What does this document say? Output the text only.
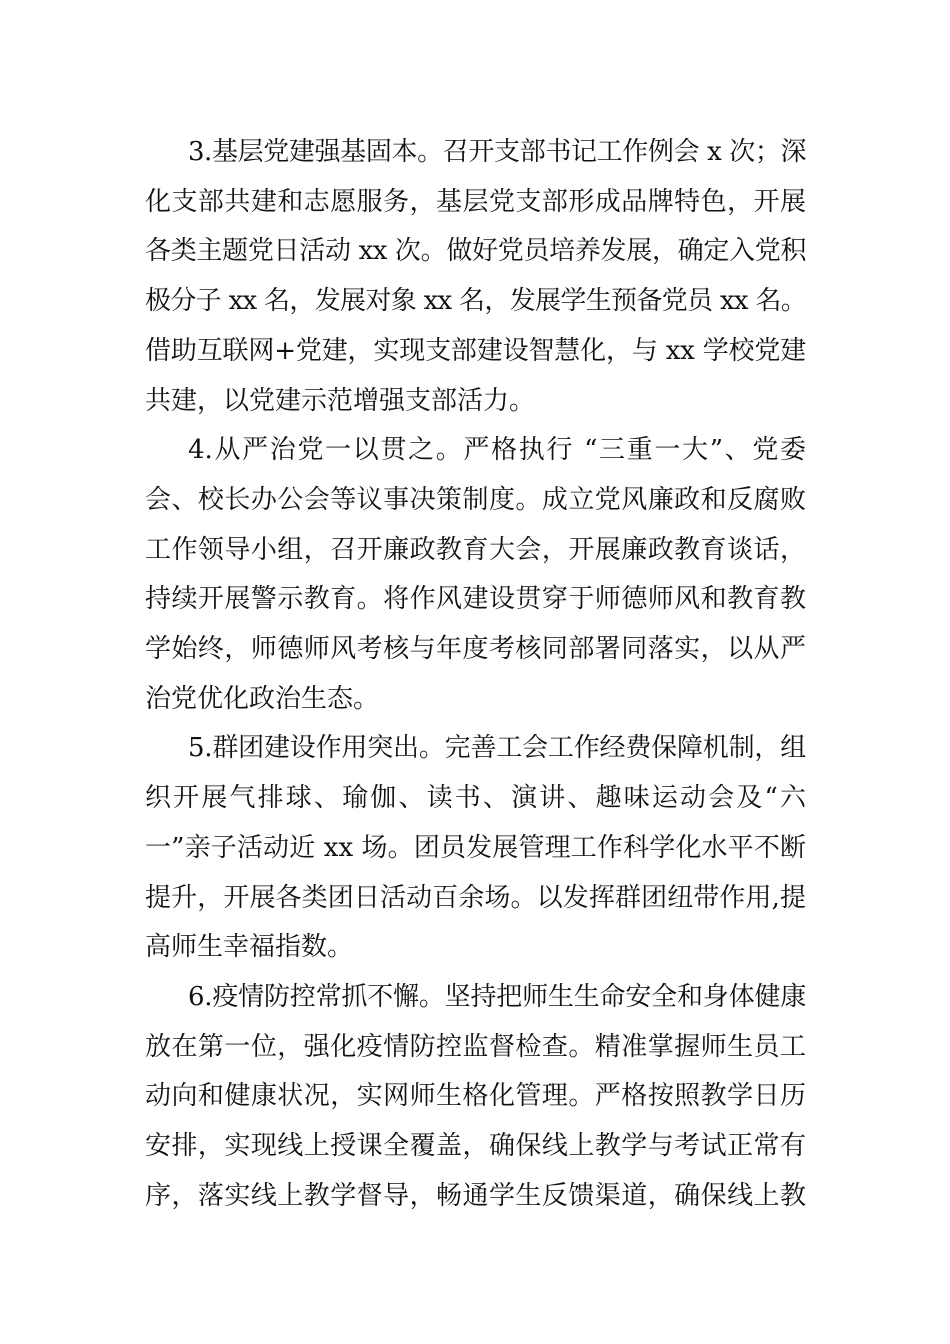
3.基层党建强基固本。召开支部书记工作例会 x 次；深
化支部共建和志愿服务，基层党支部形成品牌特色，开展
各类主题党日活动 xx 次。做好党员培养发展，确定入党积
极分子 xx 名，发展对象 xx 名，发展学生预备党员 xx 名。
借助互联网+党建，实现支部建设智慧化，与 xx 学校党建
共建，以党建示范增强支部活力。
4.从严治党一以贯之。严格执行 “三重一大”、党委
会、校长办公会等议事决策制度。成立党风廉政和反腐败
工作领导小组，召开廉政教育大会，开展廉政教育谈话，
持续开展警示教育。将作风建设贯穿于师德师风和教育教
学始终，师德师风考核与年度考核同部署同落实，以从严
治党优化政治生态。
5.群团建设作用突出。完善工会工作经费保障机制，组
织开展气排球、瑜伽、读书、演讲、趣味运动会及“六
一”亲子活动近 xx 场。团员发展管理工作科学化水平不断
提升，开展各类团日活动百余场。以发挥群团纽带作用,提
高师生幸福指数。
6.疫情防控常抓不懈。坚持把师生生命安全和身体健康
放在第一位，强化疫情防控监督检查。精准掌握师生员工
动向和健康状况，实网师生格化管理。严格按照教学日历
安排，实现线上授课全覆盖，确保线上教学与考试正常有
序，落实线上教学督导，畅通学生反馈渠道，确保线上教
